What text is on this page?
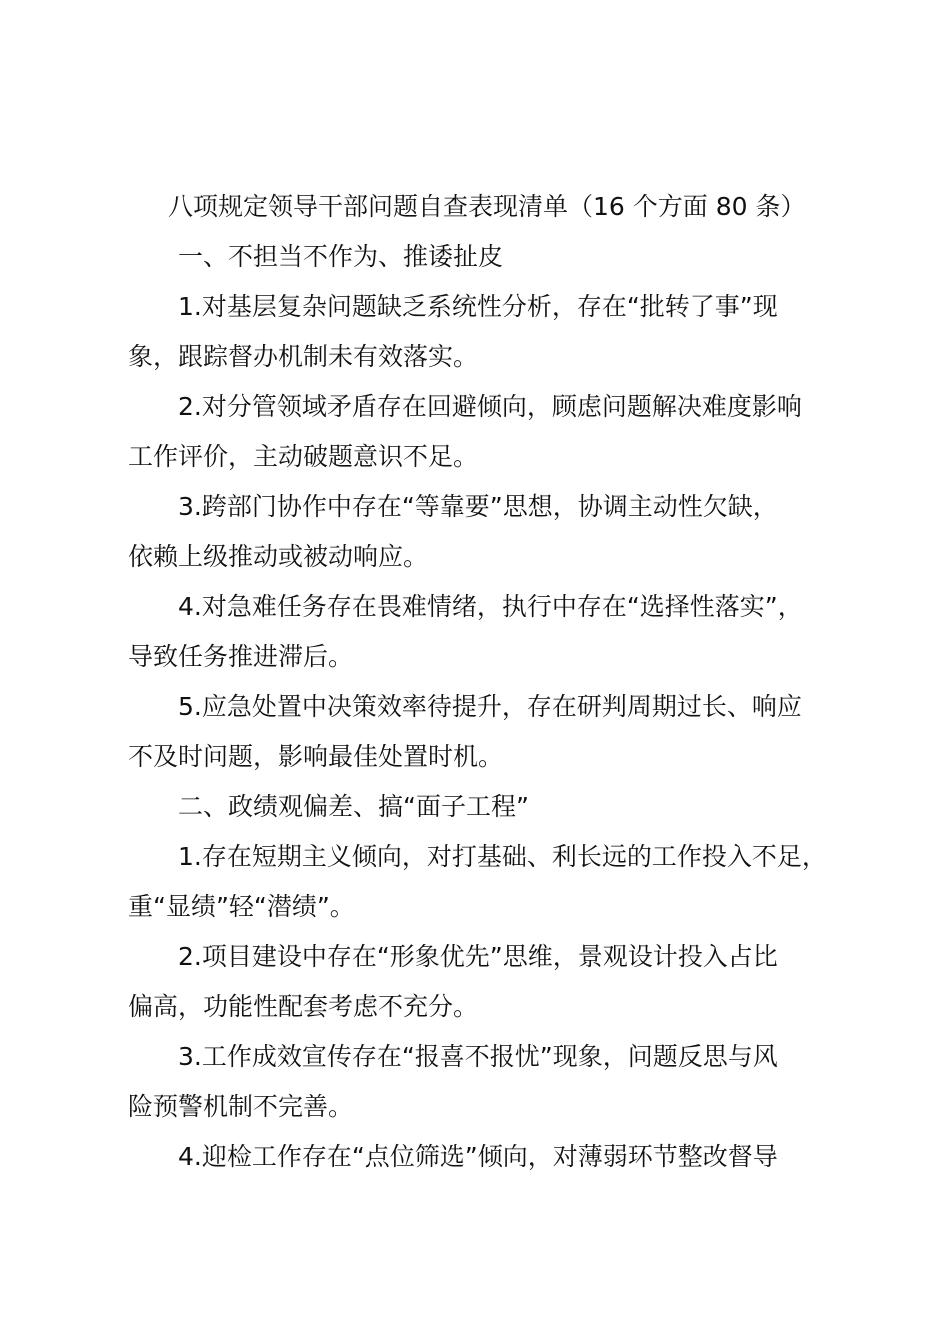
八项规定领导干部问题自查表现清单（16 个方面 80 条）
一、不担当不作为、推诿扯皮
1.对基层复杂问题缺乏系统性分析，存在“批转了事”现
象，跟踪督办机制未有效落实。
2.对分管领域矛盾存在回避倾向，顾虑问题解决难度影响
工作评价，主动破题意识不足。
3.跨部门协作中存在“等靠要”思想，协调主动性欠缺，
依赖上级推动或被动响应。
4.对急难任务存在畏难情绪，执行中存在“选择性落实”，
导致任务推进滞后。
5.应急处置中决策效率待提升，存在研判周期过长、响应
不及时问题，影响最佳处置时机。
二、政绩观偏差、搞“面子工程”
1.存在短期主义倾向，对打基础、利长远的工作投入不足，
重“显绩”轻“潜绩”。
2.项目建设中存在“形象优先”思维，景观设计投入占比
偏高，功能性配套考虑不充分。
3.工作成效宣传存在“报喜不报忧”现象，问题反思与风
险预警机制不完善。
4.迎检工作存在“点位筛选”倾向，对薄弱环节整改督导
